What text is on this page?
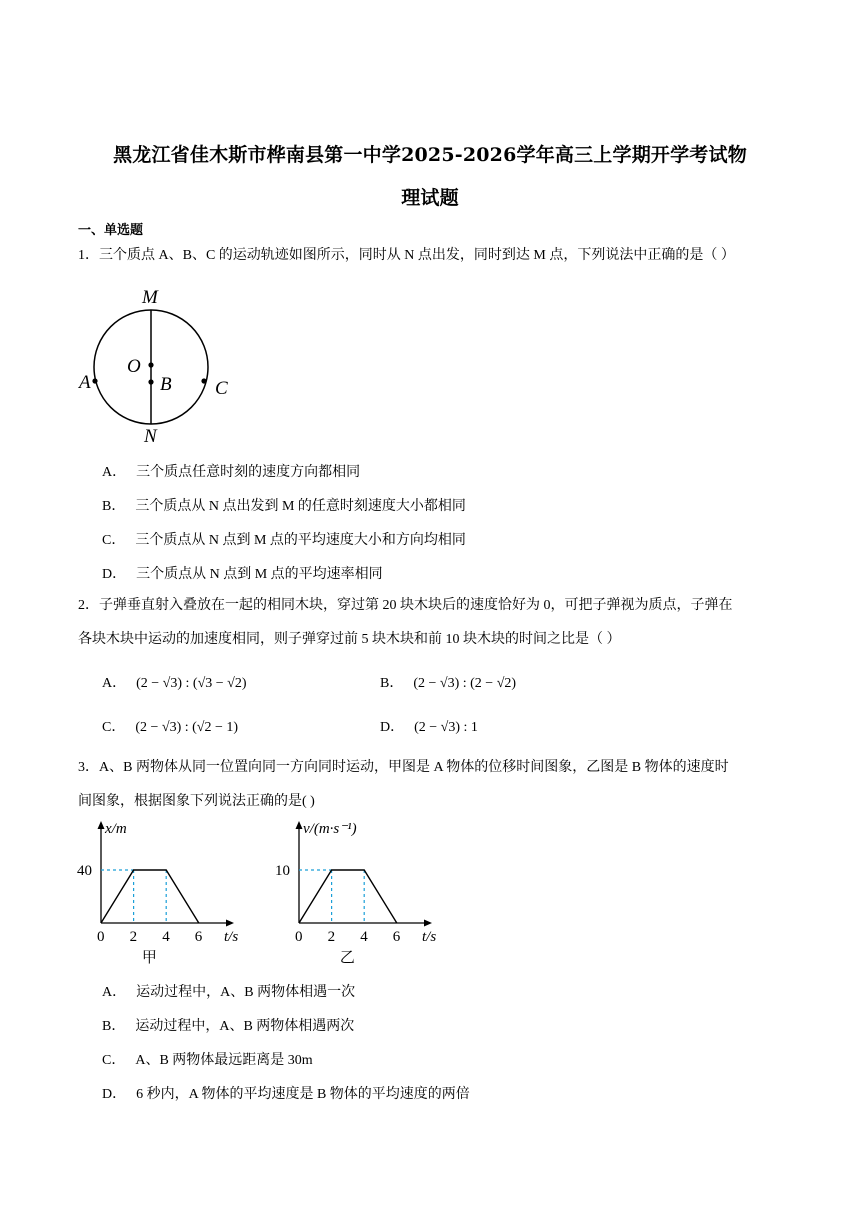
黑龙江省佳木斯市桦南县第一中学2025-2026学年高三上学期开学考试物
理试题
一、单选题
1．三个质点 A、B、C 的运动轨迹如图所示，同时从 N 点出发，同时到达 M 点，下列说法中正确的是（ ）
M
N
O
B
A	C
A． 三个质点任意时刻的速度方向都相同
B． 三个质点从 N 点出发到 M 的任意时刻速度大小都相同
C． 三个质点从 N 点到 M 点的平均速度大小和方向均相同
D． 三个质点从 N 点到 M 点的平均速率相同
2．子弹垂直射入叠放在一起的相同木块，穿过第 20 块木块后的速度恰好为 0，可把子弹视为质点，子弹在
各块木块中运动的加速度相同，则子弹穿过前 5 块木块和前 10 块木块的时间之比是（ ）
A． (2 − √3) : (√3 − √2)	B． (2 − √3) : (2 − √2)
C． (2 − √3) : (√2 − 1)	D． (2 − √3) : 1
3．A、B 两物体从同一位置向同一方向同时运动，甲图是 A 物体的位移时间图象，乙图是 B 物体的速度时
间图象，根据图象下列说法正确的是( )
0 2 4 6
40
x/m
t/s
甲
0 2 4 6
10
v/(m·s⁻¹)
t/s
乙
A． 运动过程中，A、B 两物体相遇一次
B． 运动过程中，A、B 两物体相遇两次
C． A、B 两物体最远距离是 30m
D． 6 秒内，A 物体的平均速度是 B 物体的平均速度的两倍
